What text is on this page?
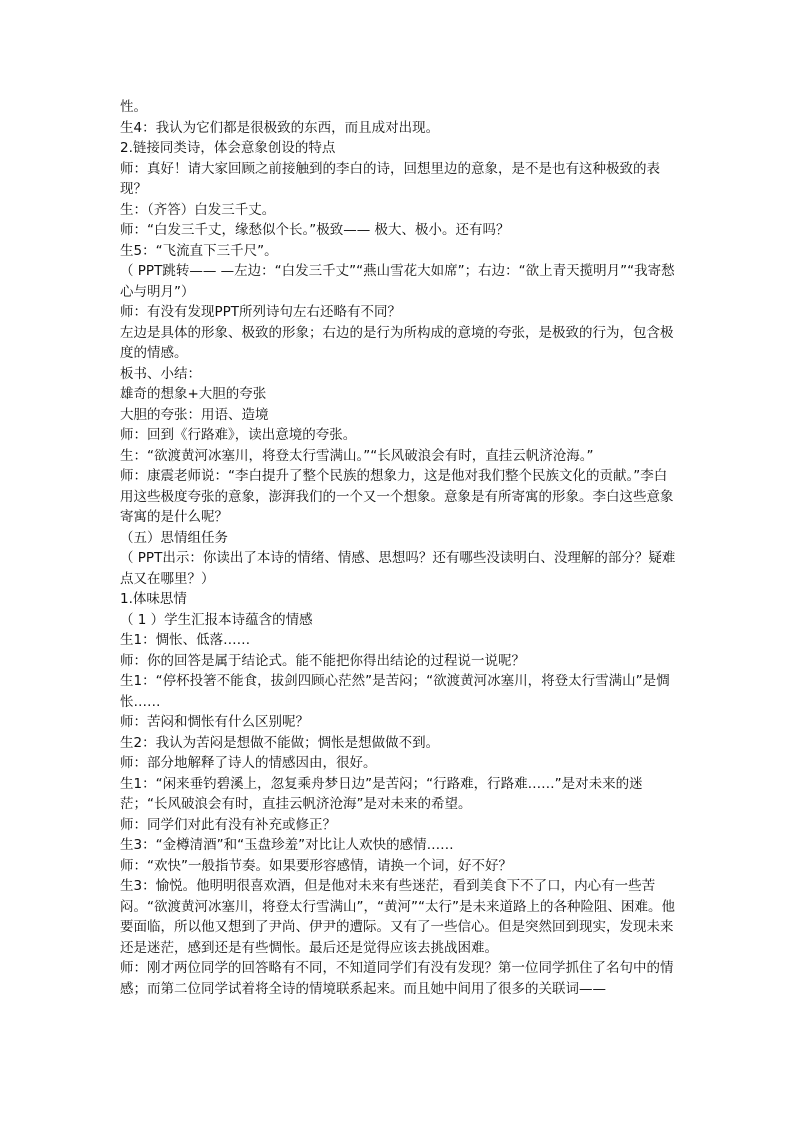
性。

生4：我认为它们都是很极致的东西，而且成对出现。

2.链接同类诗，体会意象创设的特点

师：真好！请大家回顾之前接触到的李白的诗，回想里边的意象，是不是也有这种极致的表现？

生：（齐答）白发三千丈。

师：“白发三千丈，缘愁似个长。”极致—— 极大、极小。还有吗？

生5：“飞流直下三千尺”。

（ PPT跳转—— —左边：“白发三千丈”“燕山雪花大如席”；右边：“欲上青天揽明月”“我寄愁心与明月”）

师：有没有发现PPT所列诗句左右还略有不同？

左边是具体的形象、极致的形象；右边的是行为所构成的意境的夸张，是极致的行为，包含极度的情感。

板书、小结：

雄奇的想象+大胆的夸张

大胆的夸张：用语、造境

师：回到《行路难》，读出意境的夸张。

生：“欲渡黄河冰塞川，将登太行雪满山。”“长风破浪会有时，直挂云帆济沧海。”

师：康震老师说：“李白提升了整个民族的想象力，这是他对我们整个民族文化的贡献。”李白用这些极度夸张的意象，澎湃我们的一个又一个想象。意象是有所寄寓的形象。李白这些意象寄寓的是什么呢？

（五）思情组任务

（ PPT出示：你读出了本诗的情绪、情感、思想吗？还有哪些没读明白、没理解的部分？疑难点又在哪里？）

1.体味思情

（ 1 ）学生汇报本诗蕴含的情感

生1：惆怅、低落……

师：你的回答是属于结论式。能不能把你得出结论的过程说一说呢？

生1：“停杯投箸不能食，拔剑四顾心茫然”是苦闷；“欲渡黄河冰塞川，将登太行雪满山”是惆怅……

师：苦闷和惆怅有什么区别呢？

生2：我认为苦闷是想做不能做；惆怅是想做做不到。

师：部分地解释了诗人的情感因由，很好。

生1：“闲来垂钓碧溪上，忽复乘舟梦日边”是苦闷；“行路难，行路难……”是对未来的迷茫；“长风破浪会有时，直挂云帆济沧海”是对未来的希望。

师：同学们对此有没有补充或修正？

生3：“金樽清酒”和“玉盘珍羞”对比让人欢快的感情……

师：“欢快”一般指节奏。如果要形容感情，请换一个词，好不好？

生3：愉悦。他明明很喜欢酒，但是他对未来有些迷茫，看到美食下不了口，内心有一些苦闷。“欲渡黄河冰塞川，将登太行雪满山”，“黄河”“太行”是未来道路上的各种险阻、困难。他要面临，所以他又想到了尹尚、伊尹的遭际。又有了一些信心。但是突然回到现实，发现未来还是迷茫，感到还是有些惆怅。最后还是觉得应该去挑战困难。

师：刚才两位同学的回答略有不同，不知道同学们有没有发现？第一位同学抓住了名句中的情感；而第二位同学试着将全诗的情境联系起来。而且她中间用了很多的关联词——
